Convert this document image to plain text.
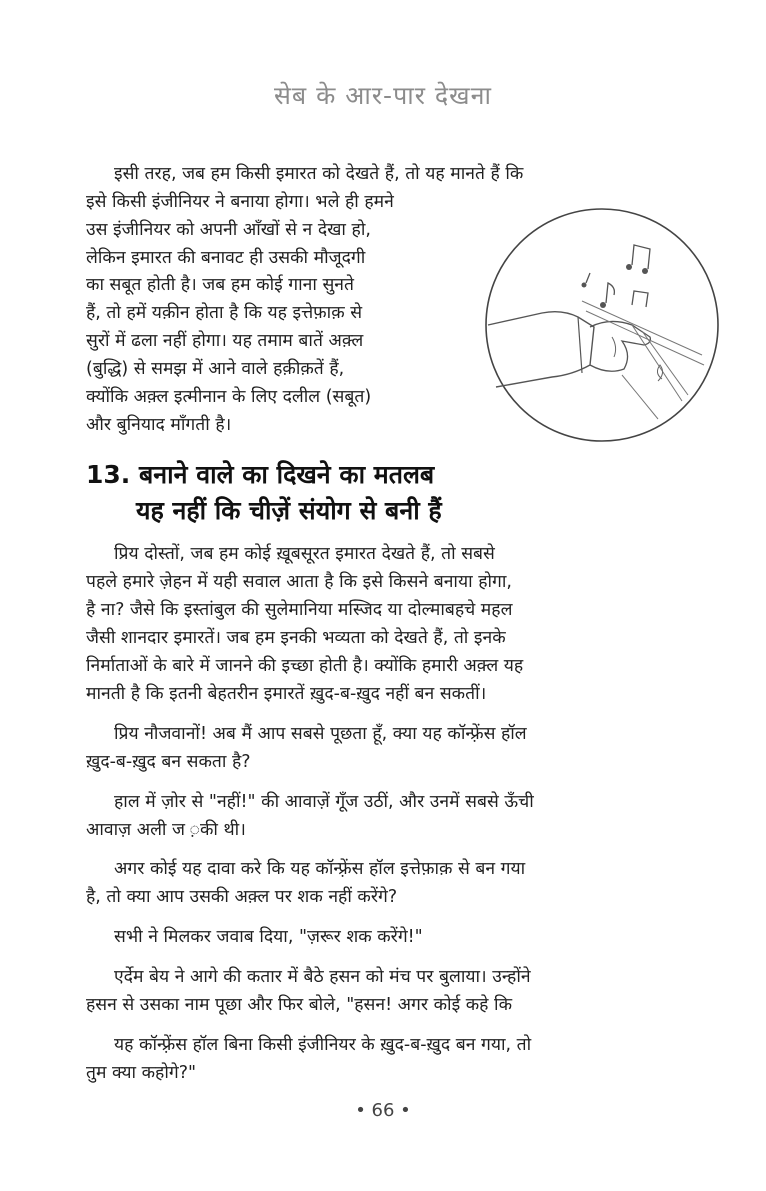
सेब के आर-पार देखना
इसी तरह, जब हम किसी इमारत को देखते हैं, तो यह मानते हैं कि
इसे किसी इंजीनियर ने बनाया होगा। भले ही हमने
उस इंजीनियर को अपनी आँखों से न देखा हो,
लेकिन इमारत की बनावट ही उसकी मौजूदगी
का सबूत होती है। जब हम कोई गाना सुनते
हैं, तो हमें यक़ीन होता है कि यह इत्तेफ़ाक़ से
सुरों में ढला नहीं होगा। यह तमाम बातें अक़्ल
(बुद्धि) से समझ में आने वाले हक़ीक़तें हैं,
क्योंकि अक़्ल इत्मीनान के लिए दलील (सबूत)
और बुनियाद माँगती है।
13. बनाने वाले का दिखने का मतलब
यह नहीं कि चीज़ें संयोग से बनी हैं
प्रिय दोस्तों, जब हम कोई ख़ूबसूरत इमारत देखते हैं, तो सबसे
पहले हमारे ज़ेहन में यही सवाल आता है कि इसे किसने बनाया होगा,
है ना? जैसे कि इस्तांबुल की सुलेमानिया मस्जिद या दोल्माबहचे महल
जैसी शानदार इमारतें। जब हम इनकी भव्यता को देखते हैं, तो इनके
निर्माताओं के बारे में जानने की इच्छा होती है। क्योंकि हमारी अक़्ल यह
मानती है कि इतनी बेहतरीन इमारतें ख़ुद-ब-ख़ुद नहीं बन सकतीं।
प्रिय नौजवानों! अब मैं आप सबसे पूछता हूँ, क्या यह कॉन्फ़्रेंस हॉल
ख़ुद-ब-ख़ुद बन सकता है?
हाल में ज़ोर से "नहीं!" की आवाज़ें गूँज उठीं, और उनमें सबसे ऊँची
आवाज़ अली ज ़की थी।
अगर कोई यह दावा करे कि यह कॉन्फ़्रेंस हॉल इत्तेफ़ाक़ से बन गया
है, तो क्या आप उसकी अक़्ल पर शक नहीं करेंगे?
सभी ने मिलकर जवाब दिया, "ज़रूर शक करेंगे!"
एर्देम बेय ने आगे की कतार में बैठे हसन को मंच पर बुलाया। उन्होंने
हसन से उसका नाम पूछा और फिर बोले, "हसन! अगर कोई कहे कि
यह कॉन्फ़्रेंस हॉल बिना किसी इंजीनियर के ख़ुद-ब-ख़ुद बन गया, तो
तुम क्या कहोगे?"
• 66 •
